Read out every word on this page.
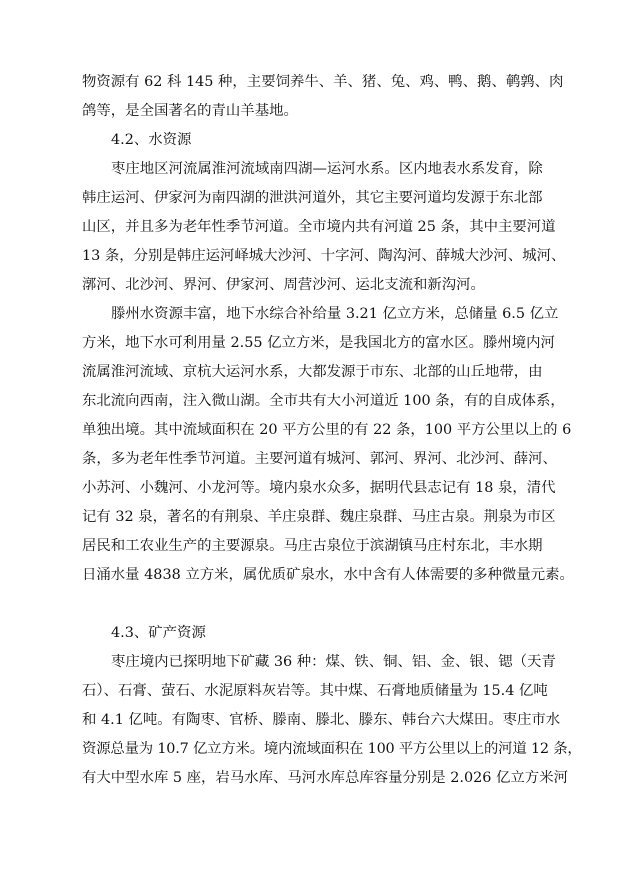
物资源有 62 科 145 种，主要饲养牛、羊、猪、兔、鸡、鸭、鹅、鹌鹑、肉

鸽等，是全国著名的青山羊基地。

4.2、水资源

枣庄地区河流属淮河流域南四湖—运河水系。区内地表水系发育，除

韩庄运河、伊家河为南四湖的泄洪河道外，其它主要河道均发源于东北部

山区，并且多为老年性季节河道。全市境内共有河道 25 条，其中主要河道

13 条，分别是韩庄运河峄城大沙河、十字河、陶沟河、薛城大沙河、城河、

漷河、北沙河、界河、伊家河、周营沙河、运北支流和新沟河。

滕州水资源丰富，地下水综合补给量 3.21 亿立方米，总储量 6.5 亿立

方米，地下水可利用量 2.55 亿立方米，是我国北方的富水区。滕州境内河

流属淮河流域、京杭大运河水系，大都发源于市东、北部的山丘地带，由

东北流向西南，注入微山湖。全市共有大小河道近 100 条，有的自成体系，

单独出境。其中流域面积在 20 平方公里的有 22 条，100 平方公里以上的 6

条，多为老年性季节河道。主要河道有城河、郭河、界河、北沙河、薛河、

小苏河、小魏河、小龙河等。境内泉水众多，据明代县志记有 18 泉，清代

记有 32 泉，著名的有荆泉、羊庄泉群、魏庄泉群、马庄古泉。荆泉为市区

居民和工农业生产的主要源泉。马庄古泉位于滨湖镇马庄村东北，丰水期

日涌水量 4838 立方米，属优质矿泉水，水中含有人体需要的多种微量元素。

4.3、矿产资源

枣庄境内已探明地下矿藏 36 种：煤、铁、铜、铝、金、银、锶（天青

石）、石膏、萤石、水泥原料灰岩等。其中煤、石膏地质储量为 15.4 亿吨

和 4.1 亿吨。有陶枣、官桥、滕南、滕北、滕东、韩台六大煤田。枣庄市水

资源总量为 10.7 亿立方米。境内流域面积在 100 平方公里以上的河道 12 条，

有大中型水库 5 座，岩马水库、马河水库总库容量分别是 2.026 亿立方米河
